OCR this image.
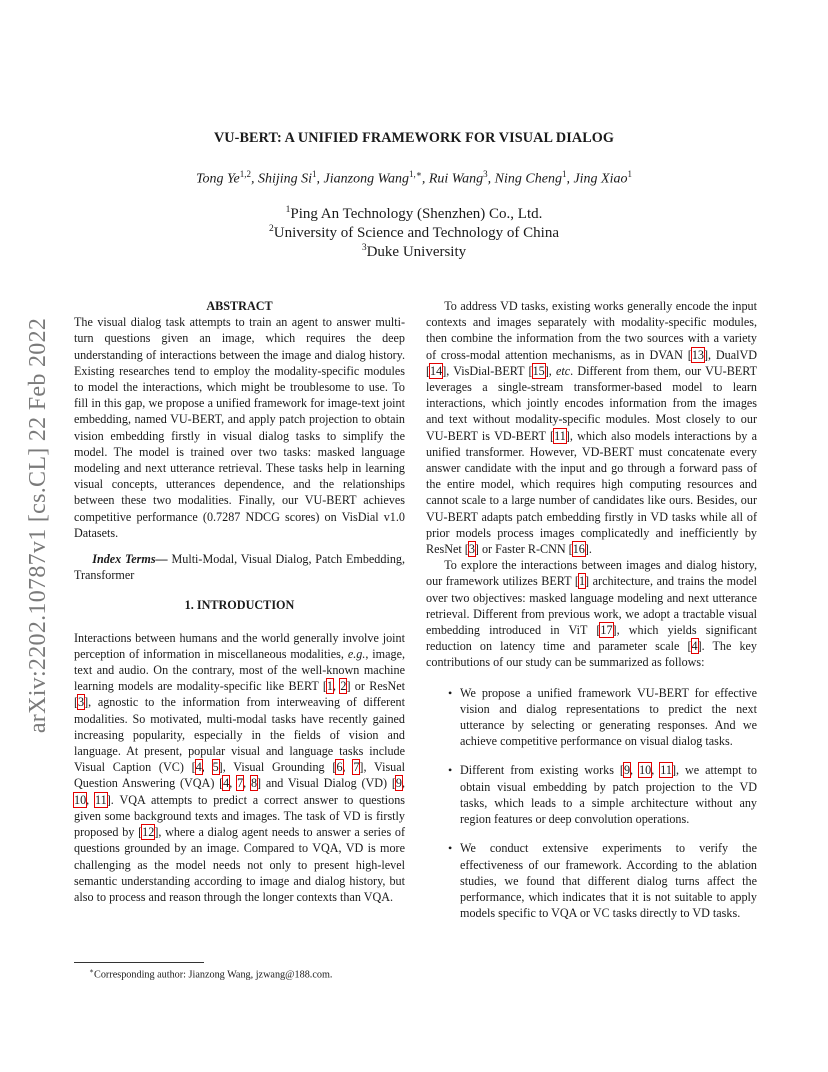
arXiv:2202.10787v1 [cs.CL] 22 Feb 2022
VU-BERT: A UNIFIED FRAMEWORK FOR VISUAL DIALOG
Tong Ye$^{1,2}$, Shijing Si$^1$, Jianzong Wang$^{1,∗}$, Rui Wang$^3$, Ning Cheng$^1$, Jing Xiao$^1$
$^1$Ping An Technology (Shenzhen) Co., Ltd.
$^2$University of Science and Technology of China
$^3$Duke University

ABSTRACT

The visual dialog task attempts to train an agent to answer multi-turn questions given an image, which requires the deep understanding of interactions between the image and dialog history. Existing researches tend to employ the modality-specific modules to model the interactions, which might be troublesome to use. To fill in this gap, we propose a unified framework for image-text joint embedding, named VU-BERT, and apply patch projection to obtain vision embedding firstly in visual dialog tasks to simplify the model. The model is trained over two tasks: masked language modeling and next utterance retrieval. These tasks help in learning visual concepts, utterances dependence, and the relationships between these two modalities. Finally, our VU-BERT achieves competitive performance (0.7287 NDCG scores) on VisDial v1.0 Datasets.

Index Terms— Multi-Modal, Visual Dialog, Patch Embedding, Transformer

1. INTRODUCTION

Interactions between humans and the world generally involve joint perception of information in miscellaneous modalities, e.g., image, text and audio. On the contrary, most of the well-known machine learning models are modality-specific like BERT [ 1, 2 ] or ResNet [ 3 ] , agnostic to the information from interweaving of different modalities. So motivated, multi-modal tasks have recently gained increasing popularity, especially in the fields of vision and language. At present, popular visual and language tasks include Visual Caption (VC) [ 4, 5 ] , Visual Grounding [ 6, 7 ] , Visual Question Answering (VQA) [ 4, 7, 8 ] and Visual Dialog (VD) [ 9, 10, 11 ] . VQA attempts to predict a correct answer to questions given some background texts and images. The task of VD is firstly proposed by [ 12 ] , where a dialog agent needs to answer a series of questions grounded by an image. Compared to VQA, VD is more challenging as the model needs not only to present high-level semantic understanding according to image and dialog history, but also to process and reason through the longer contexts than VQA.

To address VD tasks, existing works generally encode the input contexts and images separately with modality-specific modules, then combine the information from the two sources with a variety of cross-modal attention mechanisms, as in DVAN [ 13 ] , DualVD [ 14 ] , VisDial-BERT [ 15 ] , etc. Different from them, our VU-BERT leverages a single-stream transformer-based model to learn interactions, which jointly encodes information from the images and text without modality-specific modules. Most closely to our VU-BERT is VD-BERT [ 11 ] , which also models interactions by a unified transformer. However, VD-BERT must concatenate every answer candidate with the input and go through a forward pass of the entire model, which requires high computing resources and cannot scale to a large number of candidates like ours. Besides, our VU-BERT adapts patch embedding firstly in VD tasks while all of prior models process images complicatedly and inefficiently by ResNet [ 3 ] or Faster R-CNN [ 16 ] .

To explore the interactions between images and dialog history, our framework utilizes BERT [ 1 ] architecture, and trains the model over two objectives: masked language modeling and next utterance retrieval. Different from previous work, we adopt a tractable visual embedding introduced in ViT [ 17 ] , which yields significant reduction on latency time and parameter scale [ 4 ] . The key contributions of our study can be summarized as follows:

• We propose a unified framework VU-BERT for effective vision and dialog representations to predict the next utterance by selecting or generating responses. And we achieve competitive performance on visual dialog tasks.
• Different from existing works [ 9, 10, 11 ] , we attempt to obtain visual embedding by patch projection to the VD tasks, which leads to a simple architecture without any region features or deep convolution operations.
• We conduct extensive experiments to verify the effectiveness of our framework. According to the ablation studies, we found that different dialog turns affect the performance, which indicates that it is not suitable to apply models specific to VQA or VC tasks directly to VD tasks.
∗Corresponding author: Jianzong Wang, jzwang@188.com.
